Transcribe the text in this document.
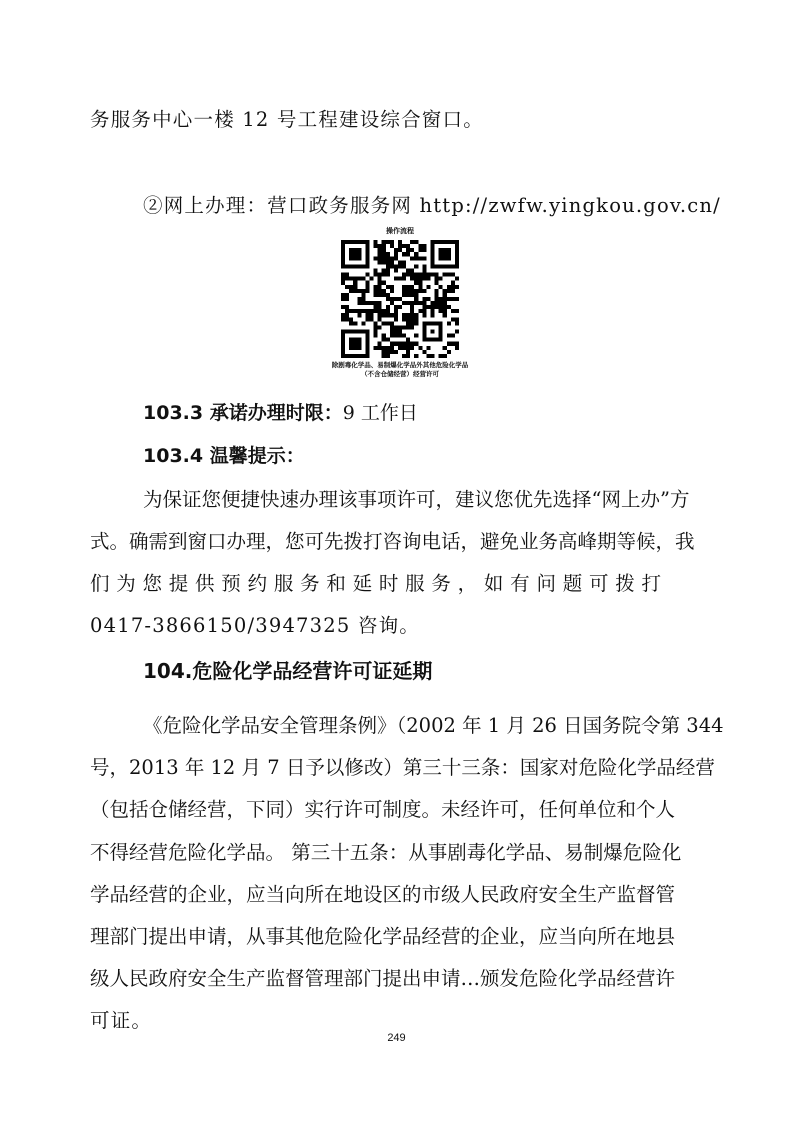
务服务中心一楼 12 号工程建设综合窗口。
②网上办理：营口政务服务网 http://zwfw.yingkou.gov.cn/
操作流程
除剧毒化学品、易制爆化学品外其他危险化学品（不含仓储经营）经营许可
103.3 承诺办理时限：9 工作日
103.4 温馨提示：
为保证您便捷快速办理该事项许可，建议您优先选择“网上办”方
式。确需到窗口办理，您可先拨打咨询电话，避免业务高峰期等候，我
们为您提供预约服务和延时服务，如有问题可拨打
0417-3866150/3947325 咨询。
104.危险化学品经营许可证延期
《危险化学品安全管理条例》（2002 年 1 月 26 日国务院令第 344
号，2013 年 12 月 7 日予以修改）第三十三条：国家对危险化学品经营
（包括仓储经营，下同）实行许可制度。未经许可，任何单位和个人
不得经营危险化学品。 第三十五条：从事剧毒化学品、易制爆危险化
学品经营的企业，应当向所在地设区的市级人民政府安全生产监督管
理部门提出申请，从事其他危险化学品经营的企业，应当向所在地县
级人民政府安全生产监督管理部门提出申请…颁发危险化学品经营许
可证。
249
